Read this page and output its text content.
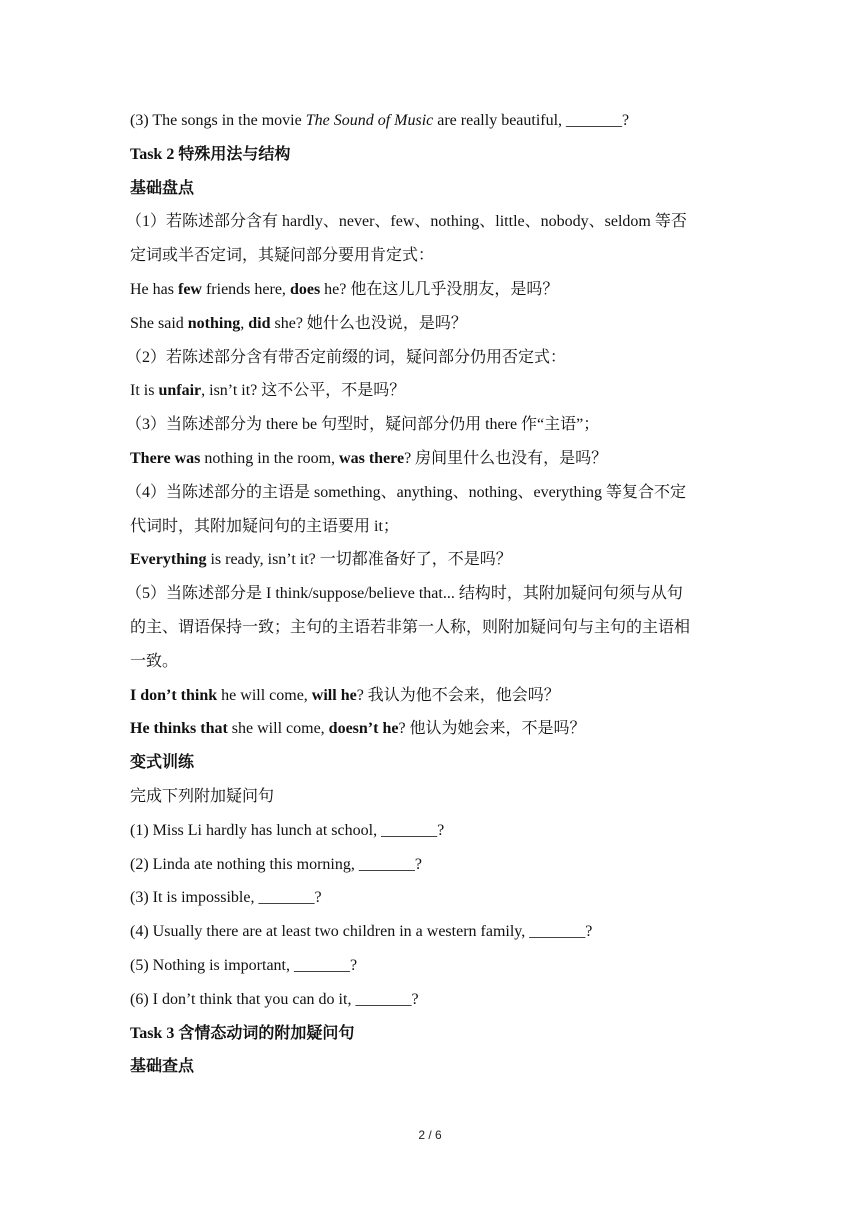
(3) The songs in the movie The Sound of Music are really beautiful, _______?
Task 2 特殊用法与结构
基础盘点
（1）若陈述部分含有 hardly、never、few、nothing、little、nobody、seldom 等否
定词或半否定词，其疑问部分要用肯定式：
He has few friends here, does he? 他在这儿几乎没朋友，是吗？
She said nothing, did she? 她什么也没说，是吗？
（2）若陈述部分含有带否定前缀的词，疑问部分仍用否定式：
It is unfair, isn’t it? 这不公平，不是吗？
（3）当陈述部分为 there be 句型时，疑问部分仍用 there 作“主语”；
There was nothing in the room, was there? 房间里什么也没有，是吗？
（4）当陈述部分的主语是 something、anything、nothing、everything 等复合不定
代词时，其附加疑问句的主语要用 it；
Everything is ready, isn’t it? 一切都准备好了，不是吗？
（5）当陈述部分是 I think/suppose/believe that... 结构时，其附加疑问句须与从句
的主、谓语保持一致；主句的主语若非第一人称，则附加疑问句与主句的主语相
一致。
I don’t think he will come, will he? 我认为他不会来，他会吗？
He thinks that she will come, doesn’t he? 他认为她会来，不是吗？
变式训练
完成下列附加疑问句
(1) Miss Li hardly has lunch at school, _______?
(2) Linda ate nothing this morning, _______?
(3) It is impossible, _______?
(4) Usually there are at least two children in a western family, _______?
(5) Nothing is important, _______?
(6) I don’t think that you can do it, _______?
Task 3 含情态动词的附加疑问句
基础查点
2 / 6
